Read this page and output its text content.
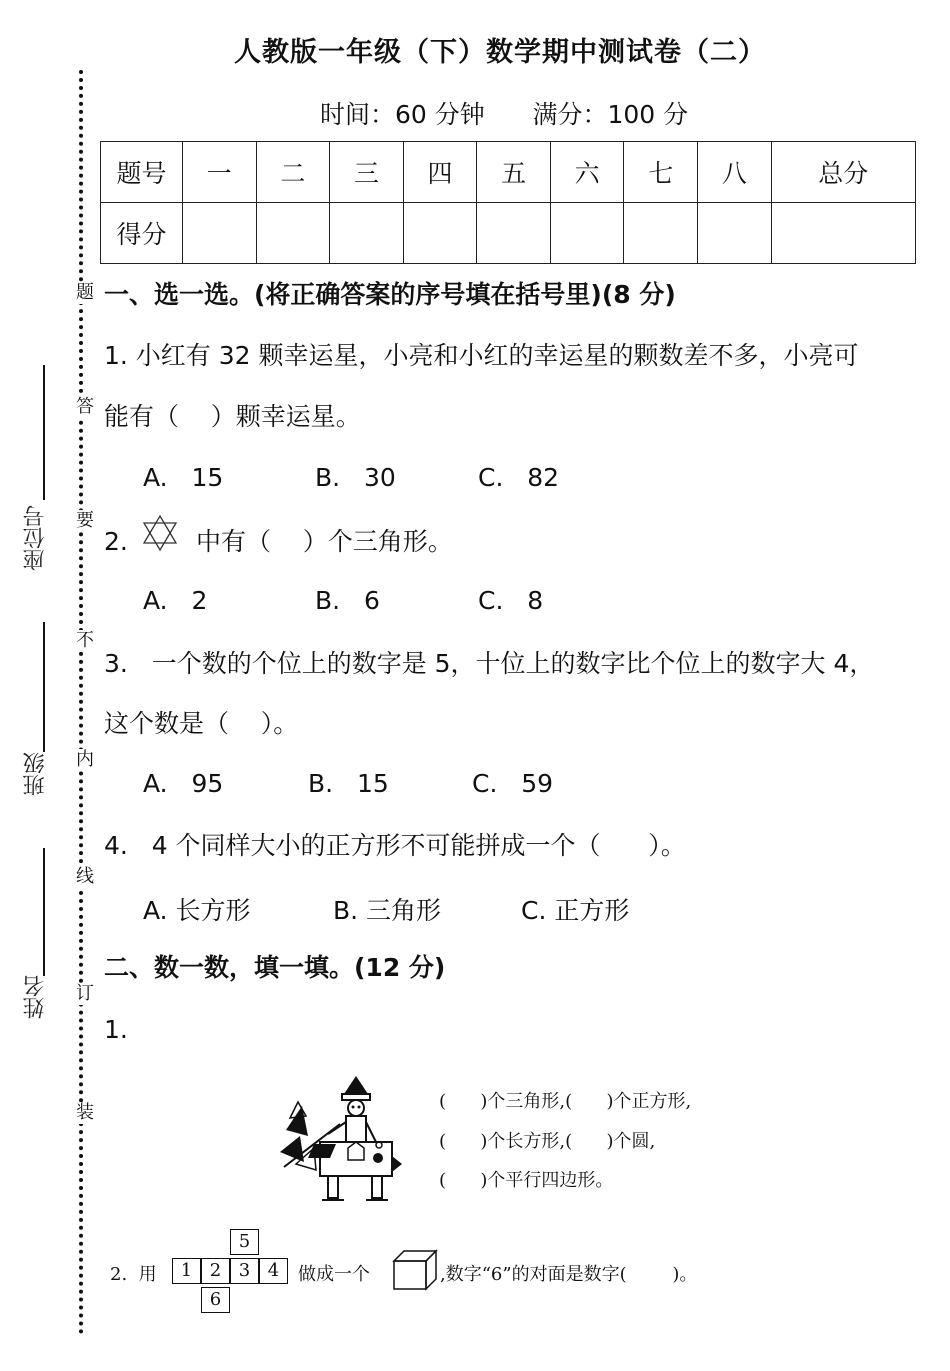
座位号
班级
姓名
题
答
要
不
内
线
订
装
人教版一年级（下）数学期中测试卷（二）
时间：60 分钟      满分：100 分
题号	一	二	三	四	五	六	七	八	总分
得分									
一、选一选。(将正确答案的序号填在括号里)(8 分)
1. 小红有 32 颗幸运星，小亮和小红的幸运星的颗数差不多，小亮可
能有（    ）颗幸运星。
A.   15	B.   30	C.   82
2.	中有（    ）个三角形。
A.   2	B.   6	C.   8
3.   一个数的个位上的数字是 5，十位上的数字比个位上的数字大 4，
这个数是（    ）。
A.   95	B.   15	C.   59
4.   4 个同样大小的正方形不可能拼成一个（      ）。
A. 长方形	B. 三角形	C. 正方形
二、数一数，填一填。(12 分)
1.
(      )个三角形,(      )个正方形,
(      )个长方形,(      )个圆,
(      )个平行四边形。
2.  用
5
1 2 3 4
6
做成一个	,数字“6”的对面是数字(        )。
